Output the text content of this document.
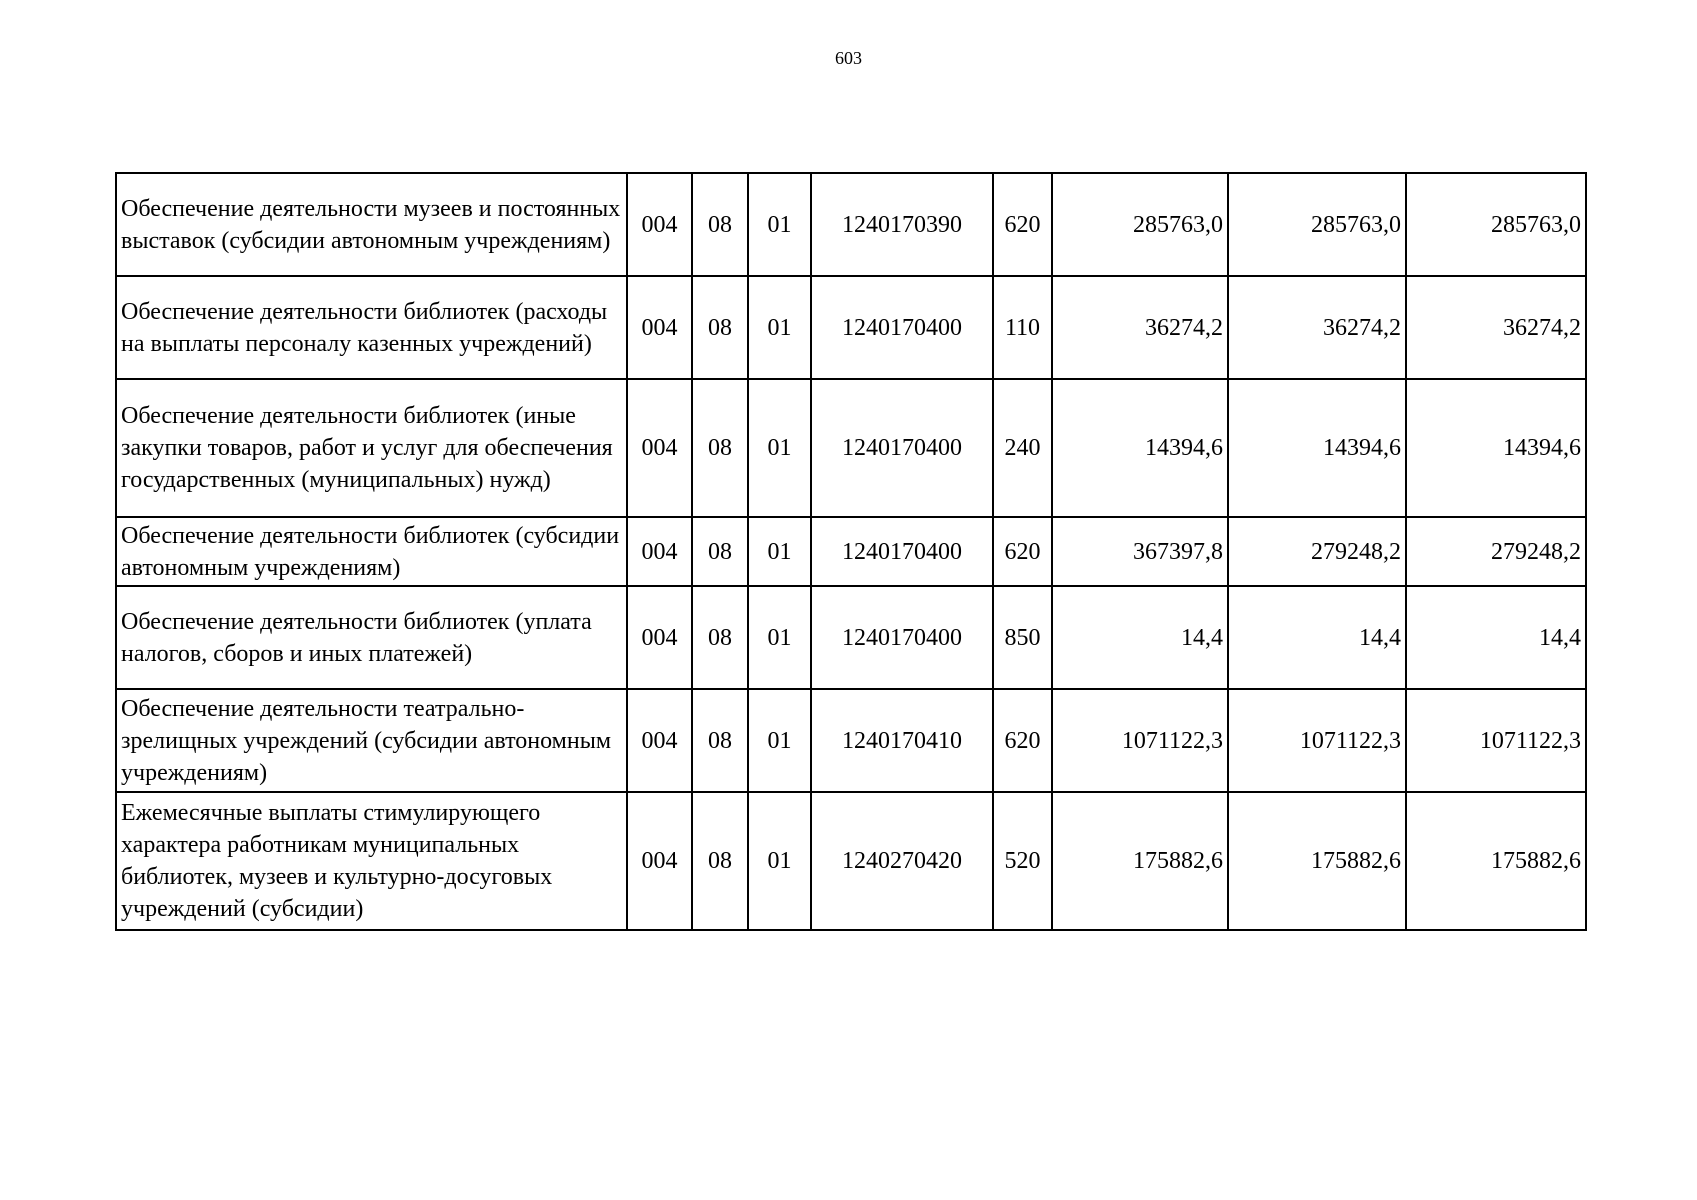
603
Обеспечение деятельности музеев и постоянных выставок (субсидии автономным учреждениям)	004	08	01	1240170390	620	285763,0	285763,0	285763,0
Обеспечение деятельности библиотек (расходы на выплаты персоналу казенных учреждений)	004	08	01	1240170400	110	36274,2	36274,2	36274,2
Обеспечение деятельности библиотек (иные закупки товаров, работ и услуг для обеспечения государственных (муниципальных) нужд)	004	08	01	1240170400	240	14394,6	14394,6	14394,6
Обеспечение деятельности библиотек (субсидии автономным учреждениям)	004	08	01	1240170400	620	367397,8	279248,2	279248,2
Обеспечение деятельности библиотек (уплата налогов, сборов и иных платежей)	004	08	01	1240170400	850	14,4	14,4	14,4
Обеспечение деятельности театрально-зрелищных учреждений (субсидии автономным учреждениям)	004	08	01	1240170410	620	1071122,3	1071122,3	1071122,3
Ежемесячные выплаты стимулирующего характера работникам муниципальных библиотек, музеев и культурно-досуговых учреждений (субсидии)	004	08	01	1240270420	520	175882,6	175882,6	175882,6
